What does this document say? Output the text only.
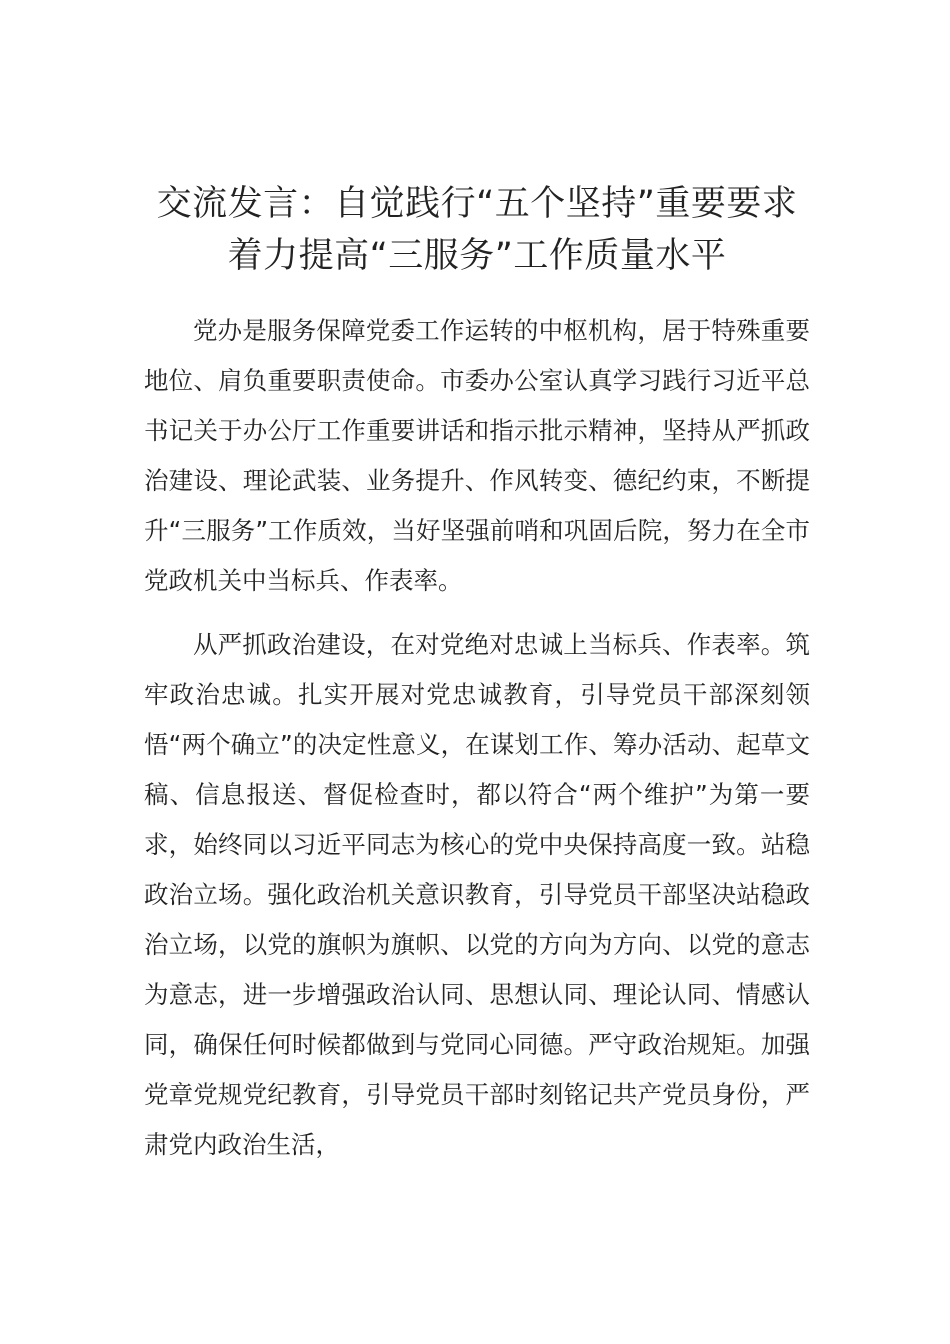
交流发言：自觉践行“五个坚持”重要要求着力提高“三服务”工作质量水平

党办是服务保障党委工作运转的中枢机构，居于特殊重要地位、肩负重要职责使命。市委办公室认真学习践行习近平总书记关于办公厅工作重要讲话和指示批示精神，坚持从严抓政治建设、理论武装、业务提升、作风转变、德纪约束，不断提升“三服务”工作质效，当好坚强前哨和巩固后院，努力在全市党政机关中当标兵、作表率。

从严抓政治建设，在对党绝对忠诚上当标兵、作表率。筑牢政治忠诚。扎实开展对党忠诚教育，引导党员干部深刻领悟“两个确立”的决定性意义，在谋划工作、筹办活动、起草文稿、信息报送、督促检查时，都以符合“两个维护”为第一要求，始终同以习近平同志为核心的党中央保持高度一致。站稳政治立场。强化政治机关意识教育，引导党员干部坚决站稳政治立场，以党的旗帜为旗帜、以党的方向为方向、以党的意志为意志，进一步增强政治认同、思想认同、理论认同、情感认同，确保任何时候都做到与党同心同德。严守政治规矩。加强党章党规党纪教育，引导党员干部时刻铭记共产党员身份，严肃党内政治生活，
